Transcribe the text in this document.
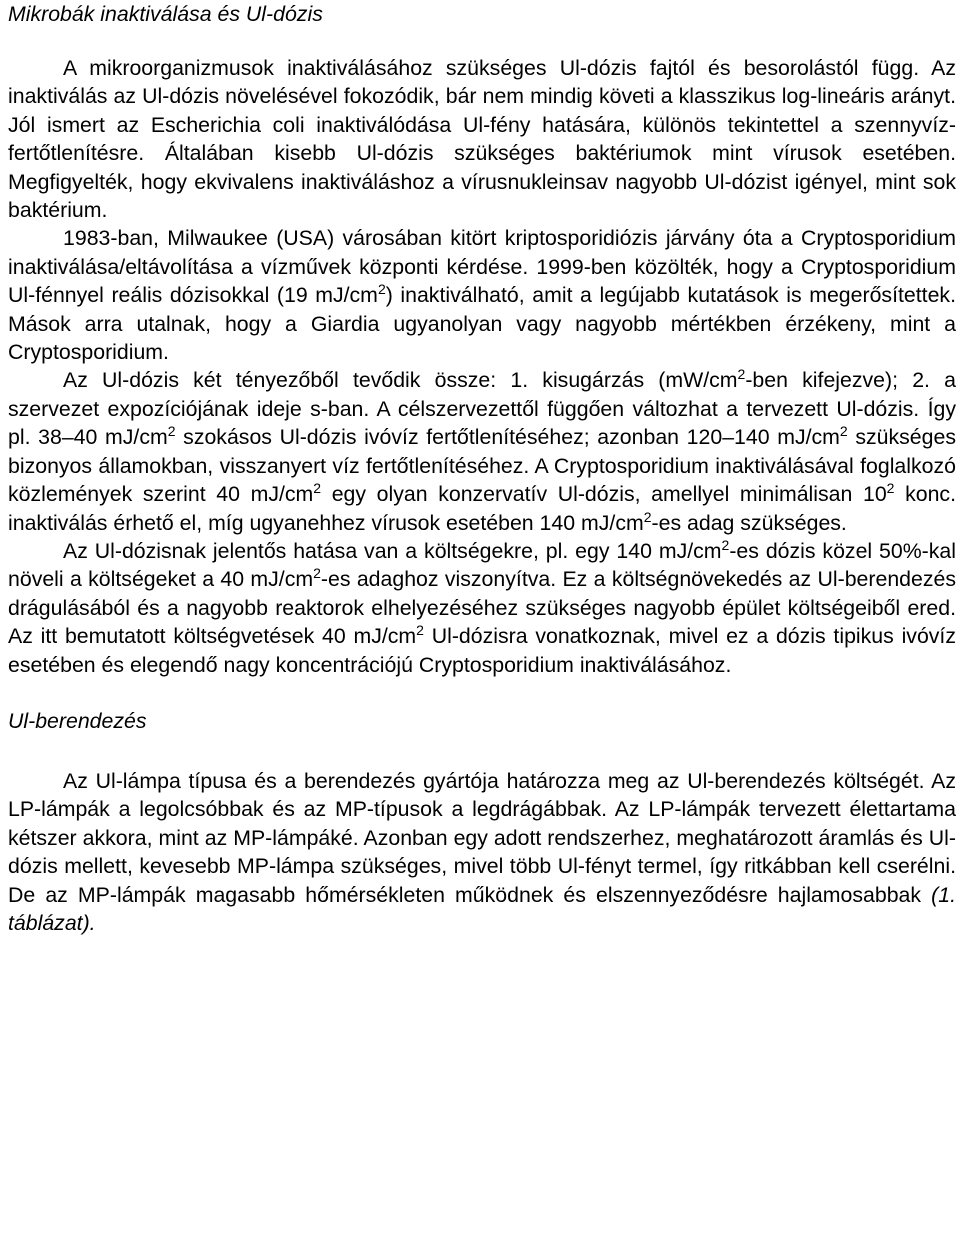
Mikrobák inaktiválása és Ul-dózis

A mikroorganizmusok inaktiválásához szükséges Ul-dózis fajtól és besorolástól függ. Az inaktiválás az Ul-dózis növelésével fokozódik, bár nem mindig követi a klasszikus log-lineáris arányt. Jól ismert az Escherichia coli inaktiválódása Ul-fény hatására, különös tekintettel a szennyvíz-fertőtlenítésre. Általában kisebb Ul-dózis szükséges baktériumok mint vírusok esetében. Megfigyelték, hogy ekvivalens inaktiváláshoz a vírusnukleinsav nagyobb Ul-dózist igényel, mint sok baktérium.

1983-ban, Milwaukee (USA) városában kitört kriptosporidiózis járvány óta a Cryptosporidium inaktiválása/eltávolítása a vízművek központi kérdése. 1999-ben közölték, hogy a Cryptosporidium Ul-fénnyel reális dózisokkal (19 $mJ/cm^2$) inaktiválható, amit a legújabb kutatások is megerősítettek. Mások arra utalnak, hogy a Giardia ugyanolyan vagy nagyobb mértékben érzékeny, mint a Cryptosporidium.

Az Ul-dózis két tényezőből tevődik össze: 1. kisugárzás ($mW/cm^2$-ben kifejezve); 2. a szervezet expozíciójának ideje s-ban. A célszervezettől függően változhat a tervezett Ul-dózis. Így pl. 38–40 $mJ/cm^2$ szokásos Ul-dózis ivóvíz fertőtlenítéséhez; azonban 120–140 $mJ/cm^2$ szükséges bizonyos államokban, visszanyert víz fertőtlenítéséhez. A Cryptosporidium inaktiválásával foglalkozó közlemények szerint 40 $mJ/cm^2$ egy olyan konzervatív Ul-dózis, amellyel minimálisan $10^2$ konc. inaktiválás érhető el, míg ugyanehhez vírusok esetében 140 $mJ/cm^2-es$ adag szükséges.

Az Ul-dózisnak jelentős hatása van a költségekre, pl. egy 140 $mJ/cm^2-es$ dózis közel 50%-kal növeli a költségeket a 40 $mJ/cm^2-es$ adaghoz viszonyítva. Ez a költségnövekedés az Ul-berendezés drágulásából és a nagyobb reaktorok elhelyezéséhez szükséges nagyobb épület költségeiből ered. Az itt bemutatott költségvetések 40 $mJ/cm^2$ Ul-dózisra vonatkoznak, mivel ez a dózis tipikus ivóvíz esetében és elegendő nagy koncentrációjú Cryptosporidium inaktiválásához.

Ul-berendezés

Az Ul-lámpa típusa és a berendezés gyártója határozza meg az Ul-berendezés költségét. Az LP-lámpák a legolcsóbbak és az MP-típusok a legdrágábbak. Az LP-lámpák tervezett élettartama kétszer akkora, mint az MP-lámpáké. Azonban egy adott rendszerhez, meghatározott áramlás és Ul-dózis mellett, kevesebb MP-lámpa szükséges, mivel több Ul-fényt termel, így ritkábban kell cserélni. De az MP-lámpák magasabb hőmérsékleten működnek és elszennyeződésre hajlamosabbak (1. táblázat).
